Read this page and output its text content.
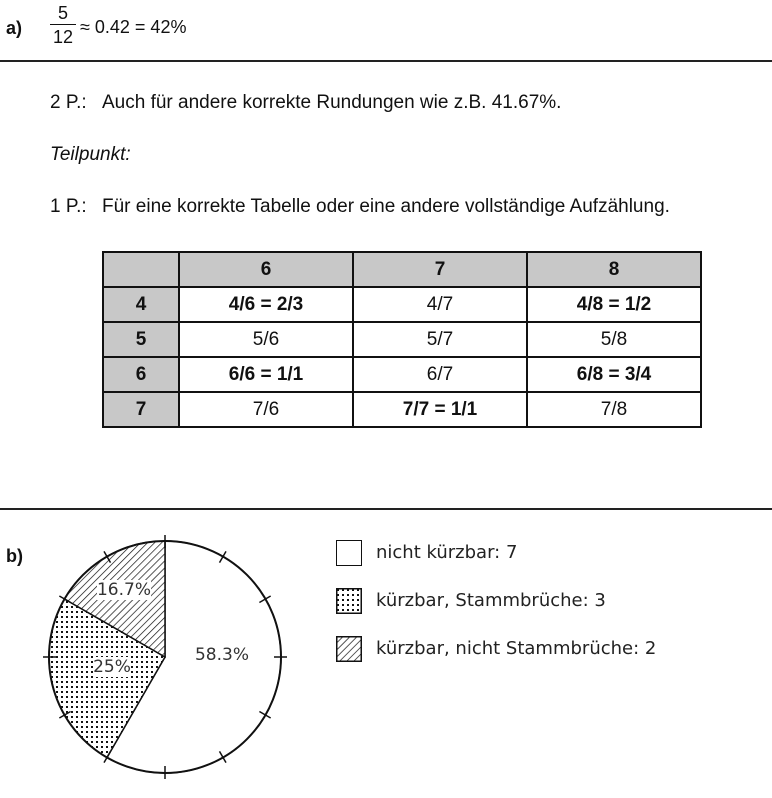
a)
5
12 ≈ 0.42 = 42%
2 P.: Auch für andere korrekte Rundungen wie z.B. 41.67%.
Teilpunkt:
1 P.: Für eine korrekte Tabelle oder eine andere vollständige Aufzählung.
	6	7	8
4	4/6 = 2/3	4/7	4/8 = 1/2
5	5/6	5/7	5/8
6	6/6 = 1/1	6/7	6/8 = 3/4
7	7/6	7/7 = 1/1	7/8
b)
58.3%
25%
16.7%
nicht kürzbar: 7
kürzbar, Stammbrüche: 3
kürzbar, nicht Stammbrüche: 2
